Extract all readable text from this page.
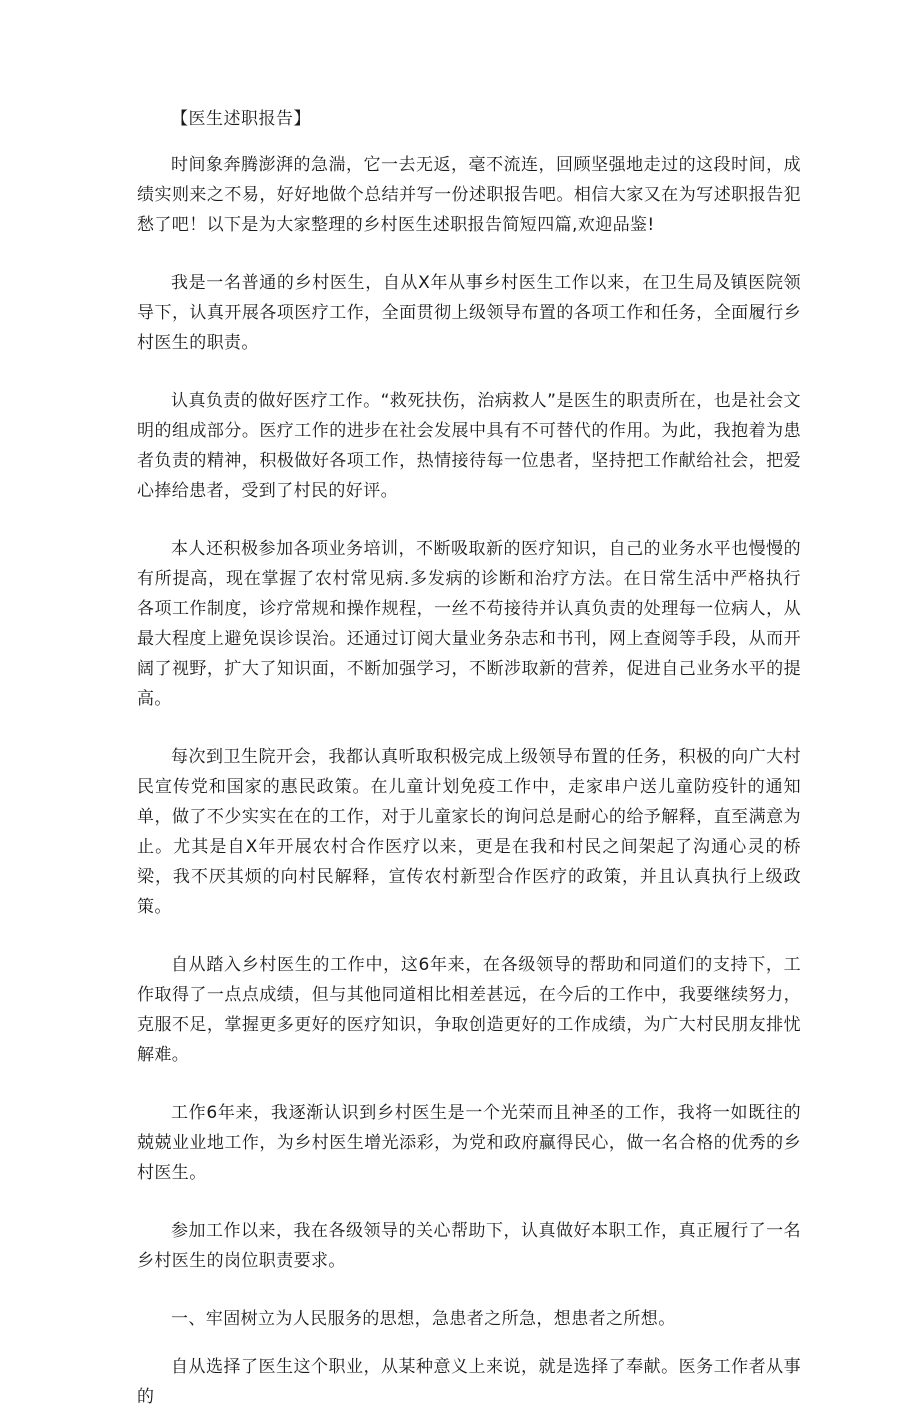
【医生述职报告】

时间象奔腾澎湃的急湍，它一去无返，毫不流连，回顾坚强地走过的这段时间，成绩实则来之不易，好好地做个总结并写一份述职报告吧。相信大家又在为写述职报告犯愁了吧！以下是为大家整理的乡村医生述职报告简短四篇,欢迎品鉴!

我是一名普通的乡村医生，自从X年从事乡村医生工作以来，在卫生局及镇医院领导下，认真开展各项医疗工作，全面贯彻上级领导布置的各项工作和任务，全面履行乡村医生的职责。

认真负责的做好医疗工作。“救死扶伤，治病救人”是医生的职责所在，也是社会文明的组成部分。医疗工作的进步在社会发展中具有不可替代的作用。为此，我抱着为患者负责的精神，积极做好各项工作，热情接待每一位患者，坚持把工作献给社会，把爱心捧给患者，受到了村民的好评。

本人还积极参加各项业务培训，不断吸取新的医疗知识，自己的业务水平也慢慢的有所提高，现在掌握了农村常见病.多发病的诊断和治疗方法。在日常生活中严格执行各项工作制度，诊疗常规和操作规程，一丝不苟接待并认真负责的处理每一位病人，从最大程度上避免误诊误治。还通过订阅大量业务杂志和书刊，网上查阅等手段，从而开阔了视野，扩大了知识面，不断加强学习，不断涉取新的营养，促进自己业务水平的提高。

每次到卫生院开会，我都认真听取积极完成上级领导布置的任务，积极的向广大村民宣传党和国家的惠民政策。在儿童计划免疫工作中，走家串户送儿童防疫针的通知单，做了不少实实在在的工作，对于儿童家长的询问总是耐心的给予解释，直至满意为止。尤其是自X年开展农村合作医疗以来，更是在我和村民之间架起了沟通心灵的桥梁，我不厌其烦的向村民解释，宣传农村新型合作医疗的政策，并且认真执行上级政策。

自从踏入乡村医生的工作中，这6年来，在各级领导的帮助和同道们的支持下，工作取得了一点点成绩，但与其他同道相比相差甚远，在今后的工作中，我要继续努力，克服不足，掌握更多更好的医疗知识，争取创造更好的工作成绩，为广大村民朋友排忧解难。

工作6年来，我逐渐认识到乡村医生是一个光荣而且神圣的工作，我将一如既往的兢兢业业地工作，为乡村医生增光添彩，为党和政府赢得民心，做一名合格的优秀的乡村医生。

参加工作以来，我在各级领导的关心帮助下，认真做好本职工作，真正履行了一名乡村医生的岗位职责要求。

一、牢固树立为人民服务的思想，急患者之所急，想患者之所想。

自从选择了医生这个职业，从某种意义上来说，就是选择了奉献。医务工作者从事的
